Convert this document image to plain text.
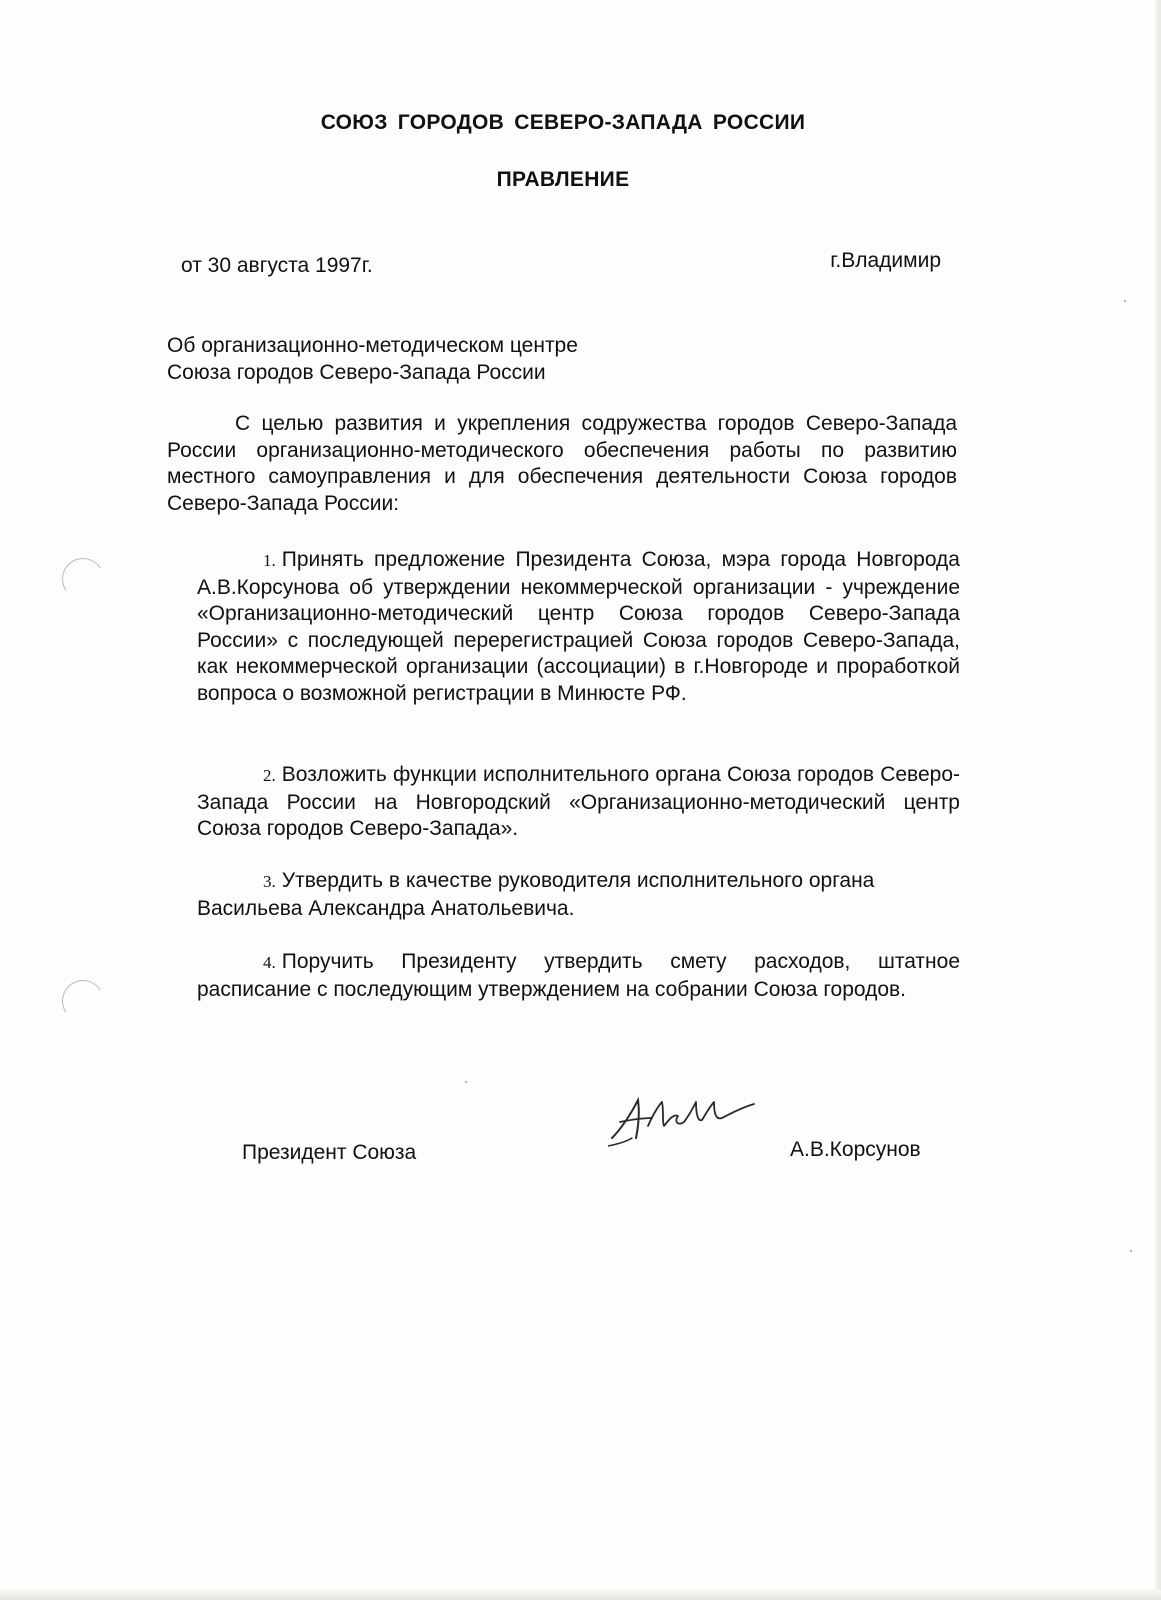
СОЮЗ ГОРОДОВ СЕВЕРО-ЗАПАДА РОССИИ
ПРАВЛЕНИЕ
от 30 августа 1997г.	г.Владимир
Об организационно-методическом центре
Союза городов Северо-Запада России
С целью развития и укрепления содружества городов Северо-Запада России организационно-методического обеспечения работы по развитию местного самоуправления и для обеспечения деятельности Союза городов Северо-Запада России:
1. Принять предложение Президента Союза, мэра города Новгорода А.В.Корсунова об утверждении некоммерческой организации - учреждение «Организационно-методический центр Союза городов Северо-Запада России» с последующей перерегистрацией Союза городов Северо-Запада, как некоммерческой организации (ассоциации) в г.Новгороде и проработкой вопроса о возможной регистрации в Минюсте РФ.
2. Возложить функции исполнительного органа Союза городов Северо-Запада России на Новгородский «Организационно-методический центр Союза городов Северо-Запада».
3. Утвердить в качестве руководителя исполнительного органа Васильева Александра Анатольевича.
4. Поручить Президенту утвердить смету расходов, штатное расписание с последующим утверждением на собрании Союза городов.
Президент Союза	А.В.Корсунов
